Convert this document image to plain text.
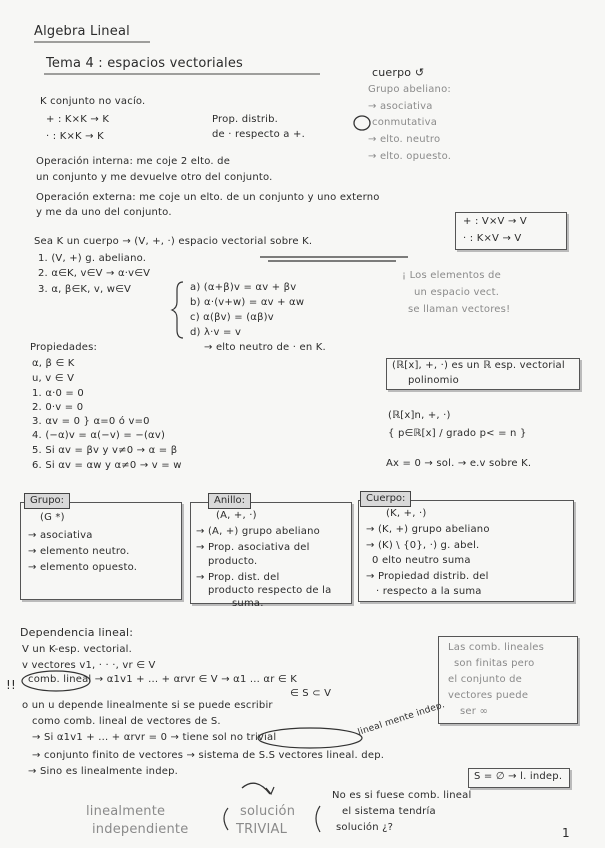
Algebra Lineal
Tema 4 : espacios vectoriales
K conjunto no vacío.
+ : K×K → K
· : K×K → K
Prop. distrib.
de · respecto a +.
cuerpo ↺
Grupo abeliano:
→ asociativa
conmutativa
→ elto. neutro
→ elto. opuesto.
Operación interna: me coje 2 elto. de
un conjunto y me devuelve otro del conjunto.
Operación externa: me coje un elto. de un conjunto y uno externo
y me da uno del conjunto.
+ : V×V → V
· : K×V → V
Sea K un cuerpo → (V, +, ·) espacio vectorial sobre K.
1. (V, +) g. abeliano.
2. α∈K, v∈V → α·v∈V
3. α, β∈K, v, w∈V	a) (α+β)v = αv + βv
b) α·(v+w) = αv + αw
c) α(βv) = (αβ)v
d) λ·v = v
→ elto neutro de · en K.
¡ Los elementos de
un espacio vect.
se llaman vectores!
Propiedades:
α, β ∈ K
u, v ∈ V
1. α·0 = 0
2. 0·v = 0
3. αv = 0 } α=0 ó v=0
4. (−α)v = α(−v) = −(αv)
5. Si αv = βv y v≠0 → α = β
6. Si αv = αw y α≠0 → v = w
(ℝ[x], +, ·) es un ℝ esp. vectorial
polinomio
(ℝ[x]n, +, ·)
{ p∈ℝ[x] / grado p< = n }
Ax = 0 → sol. → e.v sobre K.
Grupo:
(G *)
→ asociativa
→ elemento neutro.
→ elemento opuesto.
Anillo:
(A, +, ·)
→ (A, +) grupo abeliano
→ Prop. asociativa del
producto.
→ Prop. dist. del
producto respecto de la
suma.
Cuerpo:
(K, +, ·)
→ (K, +) grupo abeliano
→ (K) \ {0}, ·) g. abel.
0 elto neutro suma
→ Propiedad distrib. del
· respecto a la suma
Dependencia lineal:
V un K-esp. vectorial.
v vectores v1, · · ·, vr ∈ V
!! comb. lineal → α1v1 + ... + αrvr ∈ V → α1 ... αr ∈ K
∈ S ⊂ V
o un u depende linealmente si se puede escribir
como comb. lineal de vectores de S.
→ Si α1v1 + ... + αrvr = 0 → tiene sol no trivial
→ conjunto finito de vectores → sistema de S.S vectores lineal. dep.
→ Sino es linealmente indep.
lineal mente indep.
Las comb. lineales
son finitas pero
el conjunto de
vectores puede
ser ∞
S = ∅ → l. indep.
linealmente
independiente
solución
TRIVIAL
No es si fuese comb. lineal
el sistema tendría
solución ¿?	1
